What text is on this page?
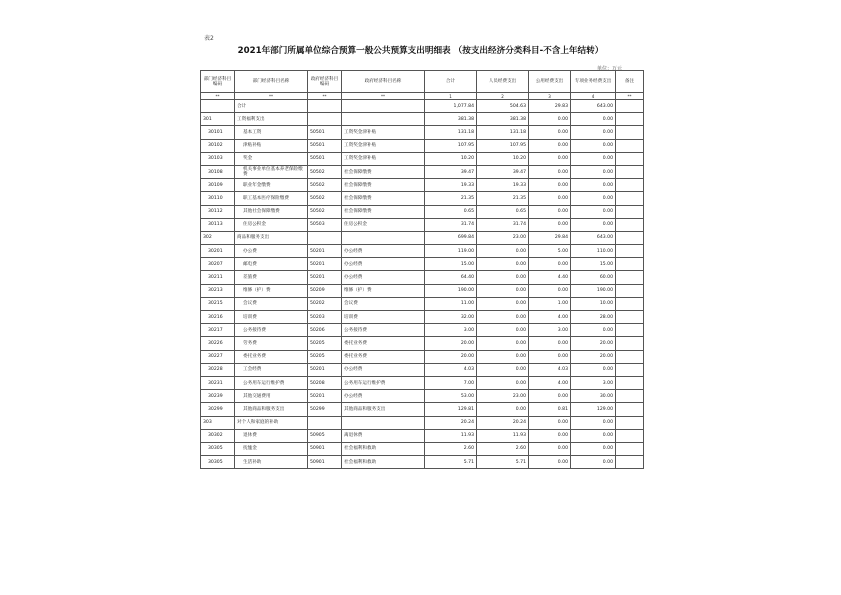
表2
2021年部门所属单位综合预算一般公共预算支出明细表 （按支出经济分类科目-不含上年结转）
单位：万元
部门经济科目编码	部门经济科目名称	政府经济科目编码	政府经济科目名称	合计	人员经费支出	公用经费支出	专项业务经费支出	备注
**	**	**	**	1	2	3	4	**
	合计			1,077.84	504.63	29.83	643.00	
301	工资福利支出			381.38	381.38	0.00	0.00	
30101	基本工资	50501	工资奖金津补贴	131.18	131.18	0.00	0.00	
30102	津贴补贴	50501	工资奖金津补贴	107.95	107.95	0.00	0.00	
30103	奖金	50501	工资奖金津补贴	10.20	10.20	0.00	0.00	
30108	机关事业单位基本养老保险缴费	50502	社会保障缴费	39.47	39.47	0.00	0.00	
30109	职业年金缴费	50502	社会保障缴费	19.33	19.33	0.00	0.00	
30110	职工基本医疗保险缴费	50502	社会保障缴费	21.35	21.35	0.00	0.00	
30112	其他社会保障缴费	50502	社会保障缴费	0.65	0.65	0.00	0.00	
30113	住房公积金	50503	住房公积金	31.74	31.74	0.00	0.00	
302	商品和服务支出			699.84	23.00	29.84	643.00	
30201	办公费	50201	办公经费	119.00	0.00	5.00	110.00	
30207	邮电费	50201	办公经费	15.00	0.00	0.00	15.00	
30211	差旅费	50201	办公经费	64.40	0.00	4.40	60.00	
30213	维修（护）费	50209	维修（护）费	190.00	0.00	0.00	190.00	
30215	会议费	50202	会议费	11.00	0.00	1.00	10.00	
30216	培训费	50203	培训费	32.00	0.00	4.00	28.00	
30217	公务接待费	50206	公务接待费	3.00	0.00	3.00	0.00	
30226	劳务费	50205	委托业务费	20.00	0.00	0.00	20.00	
30227	委托业务费	50205	委托业务费	20.00	0.00	0.00	20.00	
30228	工会经费	50201	办公经费	4.03	0.00	4.03	0.00	
30231	公务用车运行维护费	50208	公务用车运行维护费	7.00	0.00	4.00	3.00	
30239	其他交通费用	50201	办公经费	53.00	23.00	0.00	30.00	
30299	其他商品和服务支出	50299	其他商品和服务支出	129.81	0.00	0.81	129.00	
303	对个人和家庭的补助			20.24	20.24	0.00	0.00	
30302	退休费	50905	离退休费	11.93	11.93	0.00	0.00	
30305	抚恤金	50901	社会福利和救助	2.60	2.60	0.00	0.00	
30305	生活补助	50901	社会福利和救助	5.71	5.71	0.00	0.00	
